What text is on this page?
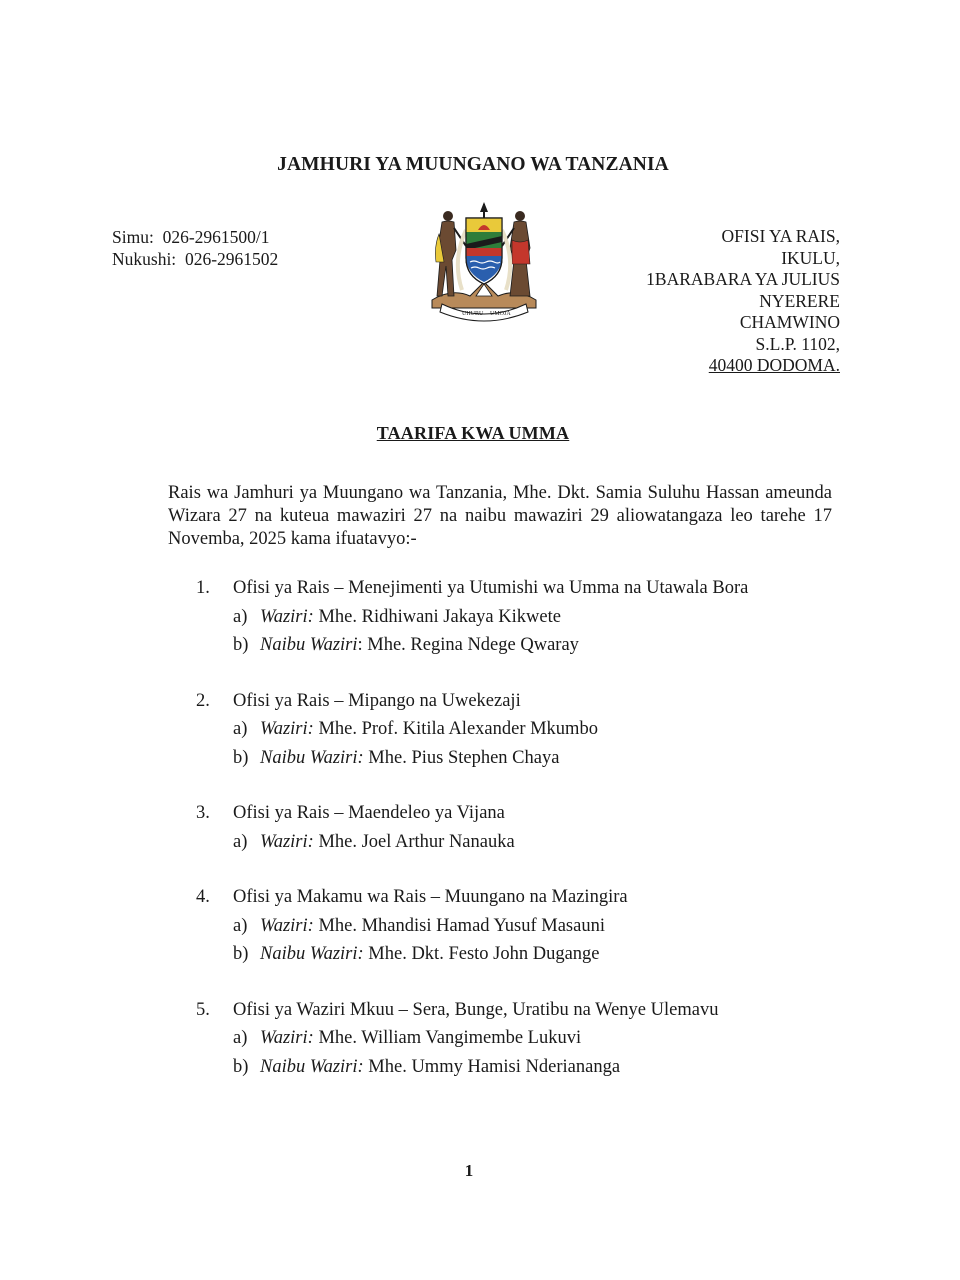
JAMHURI YA MUUNGANO WA TANZANIA
Simu: 026-2961500/1
Nukushi: 026-2961502
UHURU UMOJA
OFISI YA RAIS,
IKULU,
1BARABARA YA JULIUS
NYERERE
CHAMWINO
S.L.P. 1102,
40400 DODOMA.
TAARIFA KWA UMMA
Rais wa Jamhuri ya Muungano wa Tanzania, Mhe. Dkt. Samia Suluhu Hassan ameunda Wizara 27 na kuteua mawaziri 27 na naibu mawaziri 29 aliowatangaza leo tarehe 17 Novemba, 2025 kama ifuatavyo:-
1. Ofisi ya Rais – Menejimenti ya Utumishi wa Umma na Utawala Bora
a) Waziri: Mhe. Ridhiwani Jakaya Kikwete
b) Naibu Waziri: Mhe. Regina Ndege Qwaray
2. Ofisi ya Rais – Mipango na Uwekezaji
a) Waziri: Mhe. Prof. Kitila Alexander Mkumbo
b) Naibu Waziri: Mhe. Pius Stephen Chaya
3. Ofisi ya Rais – Maendeleo ya Vijana
a) Waziri: Mhe. Joel Arthur Nanauka
4. Ofisi ya Makamu wa Rais – Muungano na Mazingira
a) Waziri: Mhe. Mhandisi Hamad Yusuf Masauni
b) Naibu Waziri: Mhe. Dkt. Festo John Dugange
5. Ofisi ya Waziri Mkuu – Sera, Bunge, Uratibu na Wenye Ulemavu
a) Waziri: Mhe. William Vangimembe Lukuvi
b) Naibu Waziri: Mhe. Ummy Hamisi Nderiananga
1
